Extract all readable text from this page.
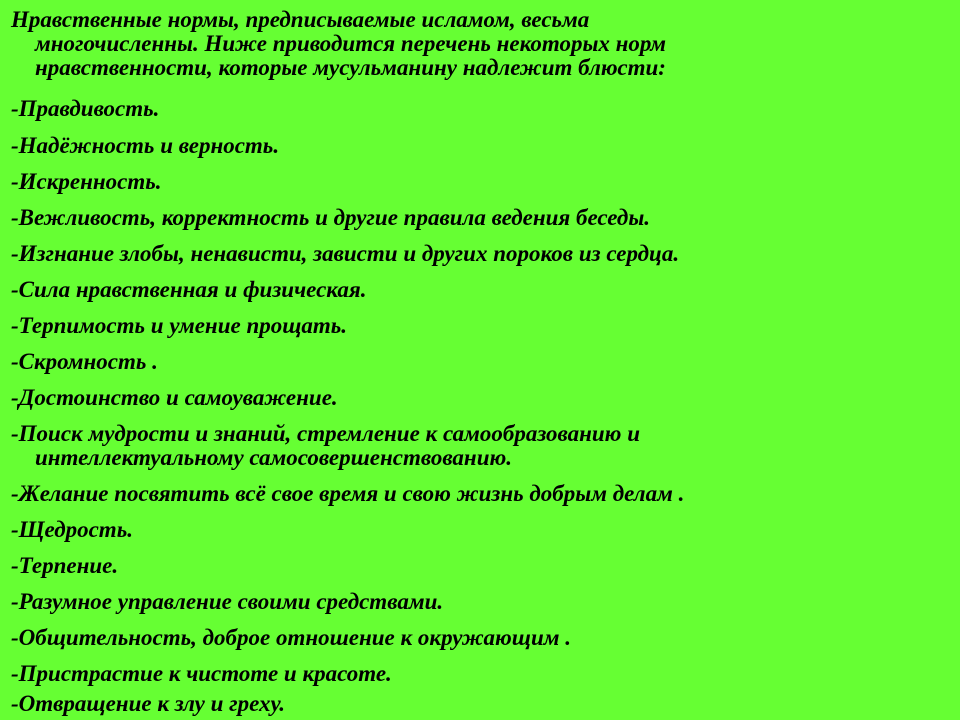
Нравственные нормы, предписываемые исламом, весьма
многочисленны. Ниже приводится перечень некоторых норм
нравственности, которые мусульманину надлежит блюсти:
-Правдивость.
-Надёжность и верность.
-Искренность.
-Вежливость, корректность и другие правила ведения беседы.
-Изгнание злобы, ненависти, зависти и других пороков из сердца.
-Сила нравственная и физическая.
-Терпимость и умение прощать.
-Скромность .
-Достоинство и самоуважение.
-Поиск мудрости и знаний, стремление к самообразованию и
интеллектуальному самосовершенствованию.
-Желание посвятить всё свое время и свою жизнь добрым делам .
-Щедрость.
-Терпение.
-Разумное управление своими средствами.
-Общительность, доброе отношение к окружающим .
-Пристрастие к чистоте и красоте.
-Отвращение к злу и греху.
